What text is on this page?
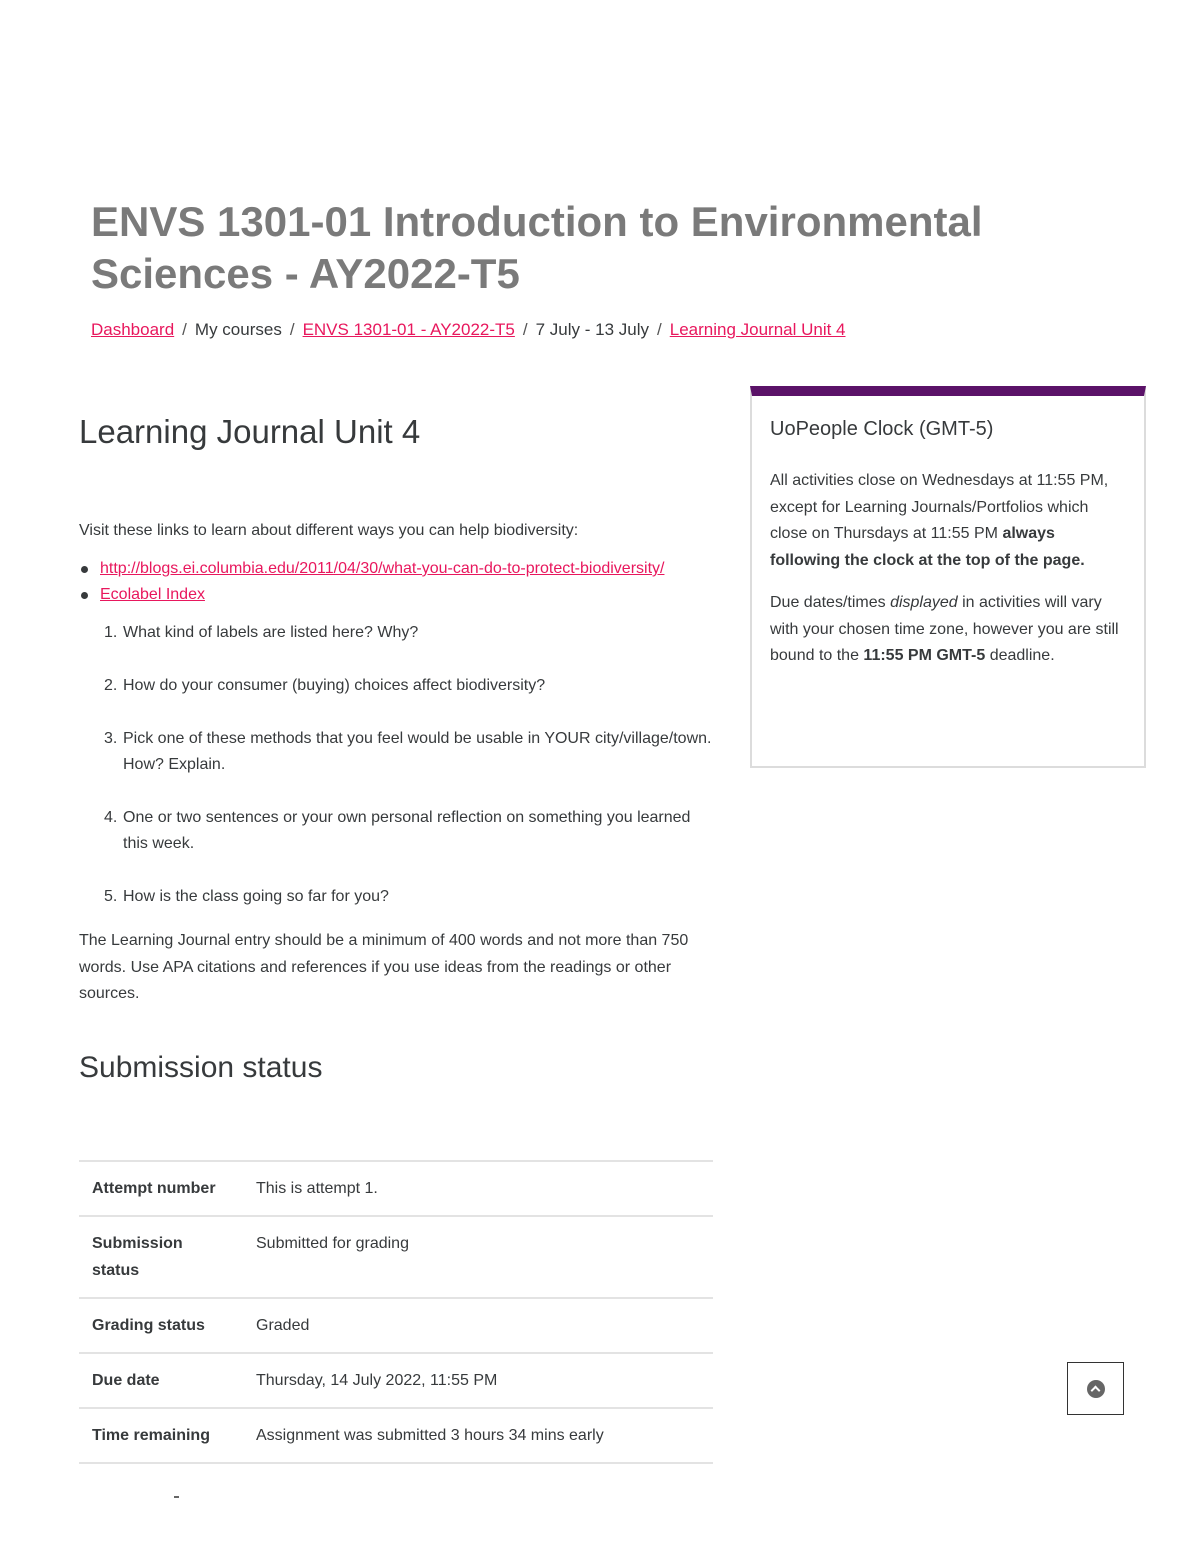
ENVS 1301-01 Introduction to Environmental Sciences - AY2022-T5
Dashboard / My courses / ENVS 1301-01 - AY2022-T5 / 7 July - 13 July / Learning Journal Unit 4
Learning Journal Unit 4

Visit these links to learn about different ways you can help biodiversity:

http://blogs.ei.columbia.edu/2011/04/30/what-you-can-do-to-protect-biodiversity/
Ecolabel Index
1. What kind of labels are listed here? Why?
2. How do your consumer (buying) choices affect biodiversity?
3. Pick one of these methods that you feel would be usable in YOUR city/village/town. How? Explain.
4. One or two sentences or your own personal reflection on something you learned this week.
5. How is the class going so far for you?

The Learning Journal entry should be a minimum of 400 words and not more than 750 words. Use APA citations and references if you use ideas from the readings or other sources.

Submission status
Attempt number	This is attempt 1.
Submission status	Submitted for grading
Grading status	Graded
Due date	Thursday, 14 July 2022, 11:55 PM
Time remaining	Assignment was submitted 3 hours 34 mins early
UoPeople Clock (GMT-5)

All activities close on Wednesdays at 11:55 PM, except for Learning Journals/Portfolios which close on Thursdays at 11:55 PM always following the clock at the top of the page.

Due dates/times displayed in activities will vary with your chosen time zone, however you are still bound to the 11:55 PM GMT-5 deadline.
